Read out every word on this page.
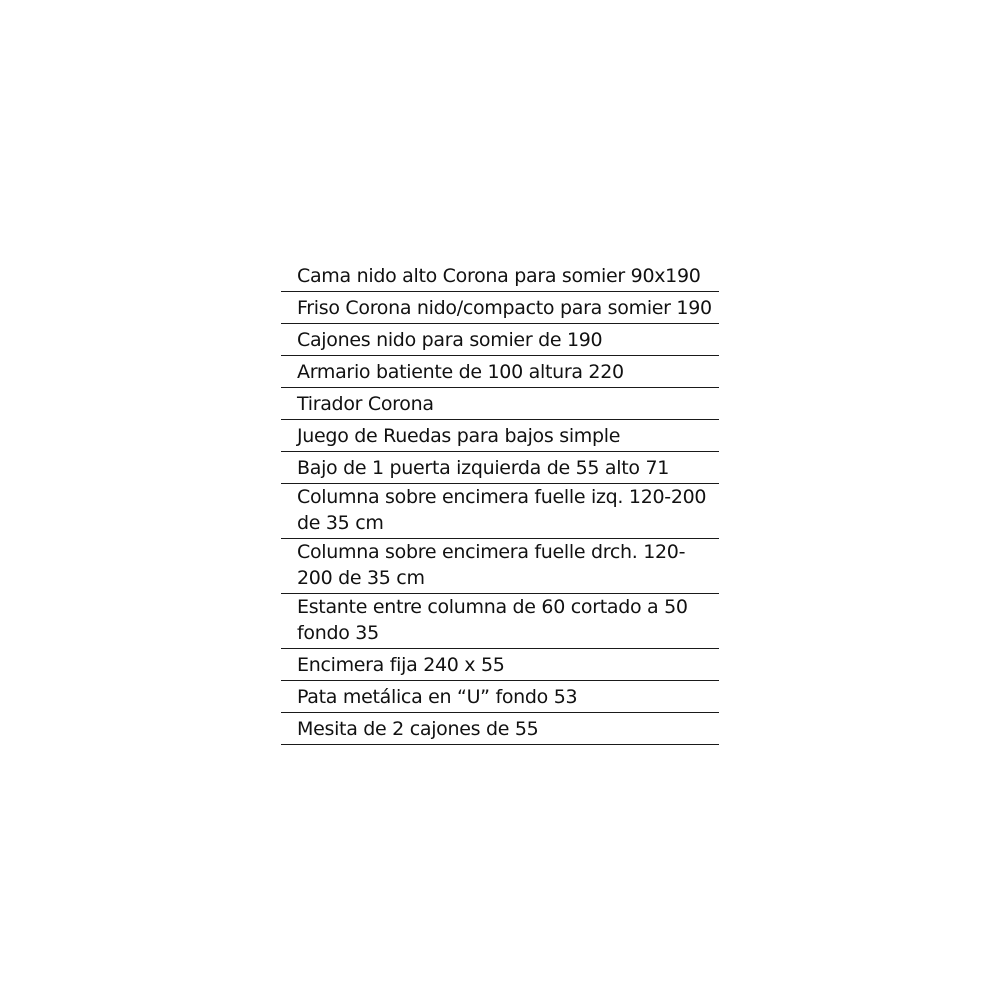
Cama nido alto Corona para somier 90x190
Friso Corona nido/compacto para somier 190
Cajones nido para somier de 190
Armario batiente de 100 altura 220
Tirador Corona
Juego de Ruedas para bajos simple
Bajo de 1 puerta izquierda de 55 alto 71
Columna sobre encimera fuelle izq. 120-200 de 35 cm
Columna sobre encimera fuelle drch. 120-200 de 35 cm
Estante entre columna de 60 cortado a 50 fondo 35
Encimera fija 240 x 55
Pata metálica en “U” fondo 53
Mesita de 2 cajones de 55
